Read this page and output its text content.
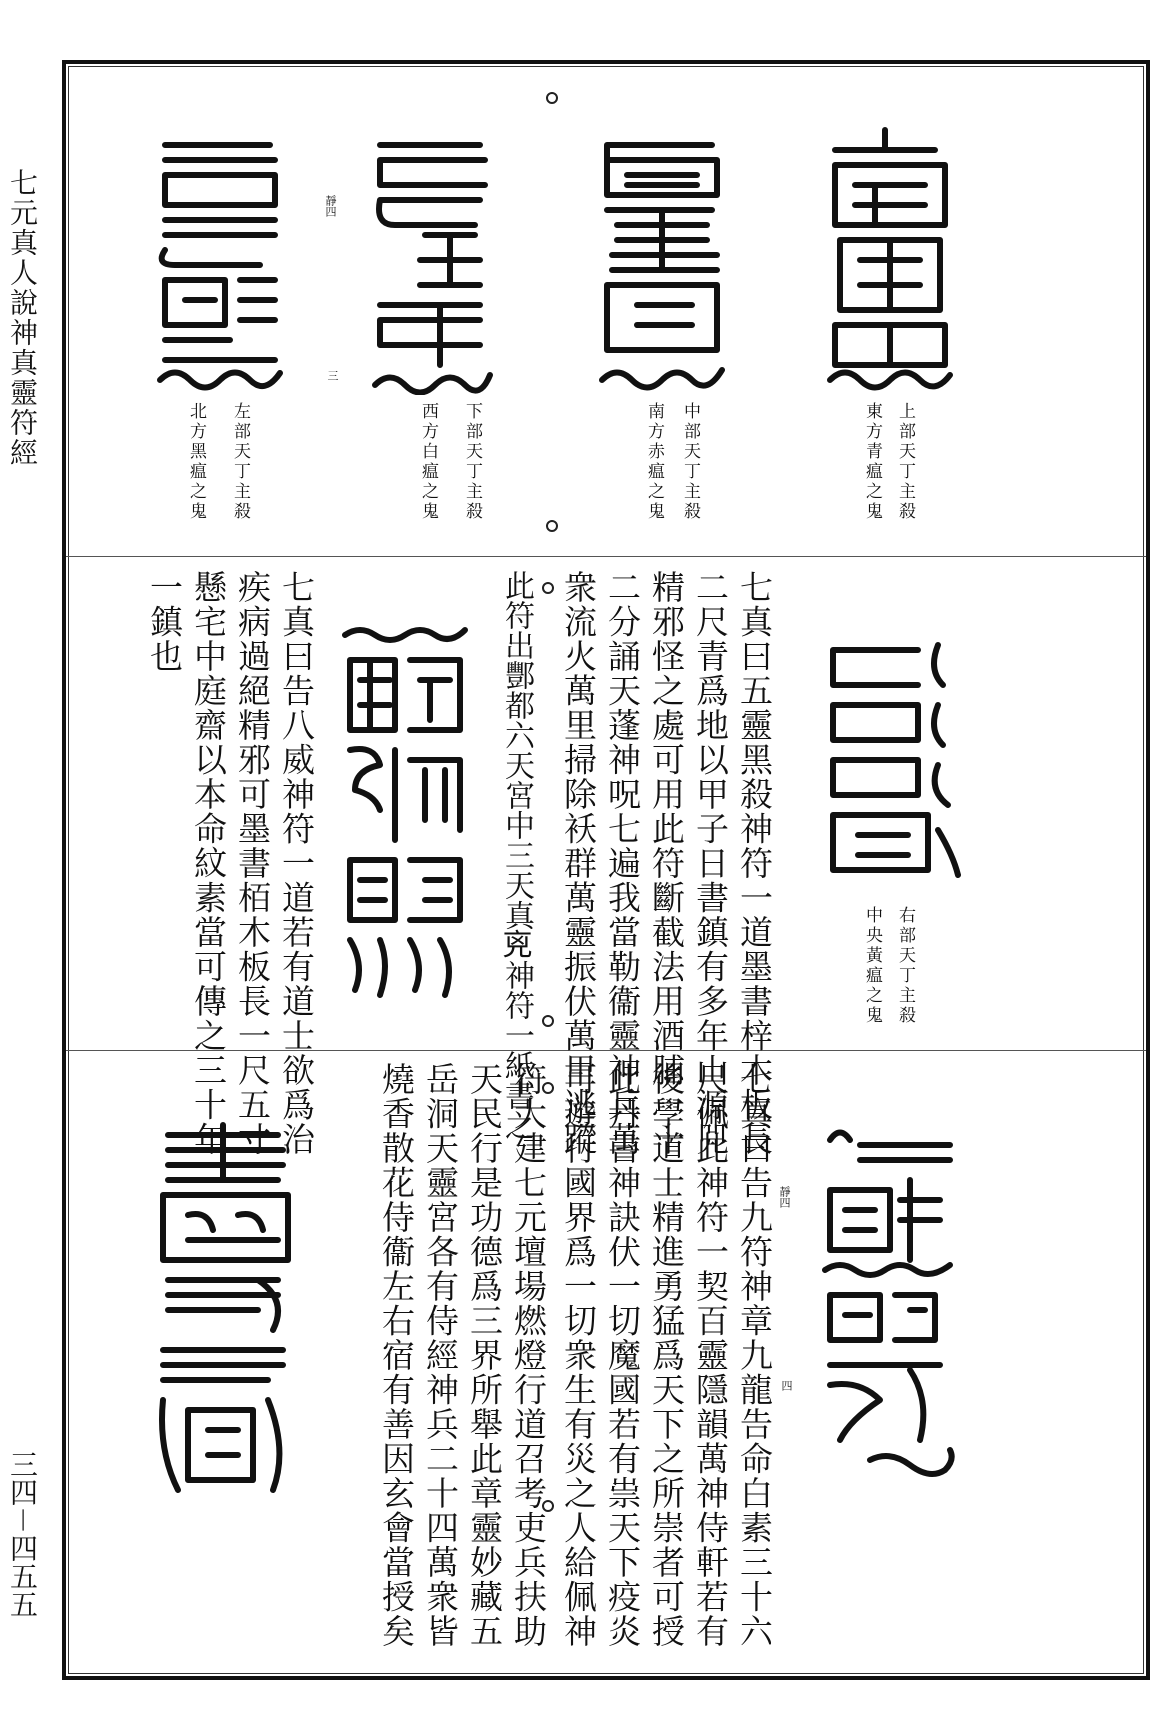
七元真人說神真靈符經
三四－四五五
上部天丁主殺
東方青瘟之鬼
中部天丁主殺
南方赤瘟之鬼
靜四
三
下部天丁主殺
西方白瘟之鬼
左部天丁主殺
北方黑瘟之鬼
右部天丁主殺
中央黃瘟之鬼
七真曰五靈黑殺神符一道墨書梓木板長
二尺青爲地以甲子日書鎮有多年山源兕
精邪怪之處可用此符斷截法用酒脯一十
二分誦天蓬神呪七遍我當勒衞靈神兵萬
衆流火萬里掃除袄群萬靈振伏萬里逃蹤
此符出酆都六天宮中三天真𠒋神符一紙書之
七真曰告八威神符一道若有道士欲爲治
疾病過絕精邪可墨書栢木板長一尺五寸
懸宅中庭齋以本命紋素當可傳之三十年
一鎮也
靜四
四
七真曰告九符神章九龍告命白素三十六
尺佩此神符一契百靈隱韻萬神侍軒若有
後學道士精進勇猛爲天下之所崇者可授
此丹書神訣伏一切魔國若有祟天下疫炎
可遊行國界爲一切衆生有災之人給佩神
符大建七元壇場燃燈行道召考吏兵扶助
天民行是功德爲三界所舉此章靈妙藏五
岳洞天靈宮各有侍經神兵二十四萬衆皆
燒香散花侍衞左右宿有善因玄會當授矣
